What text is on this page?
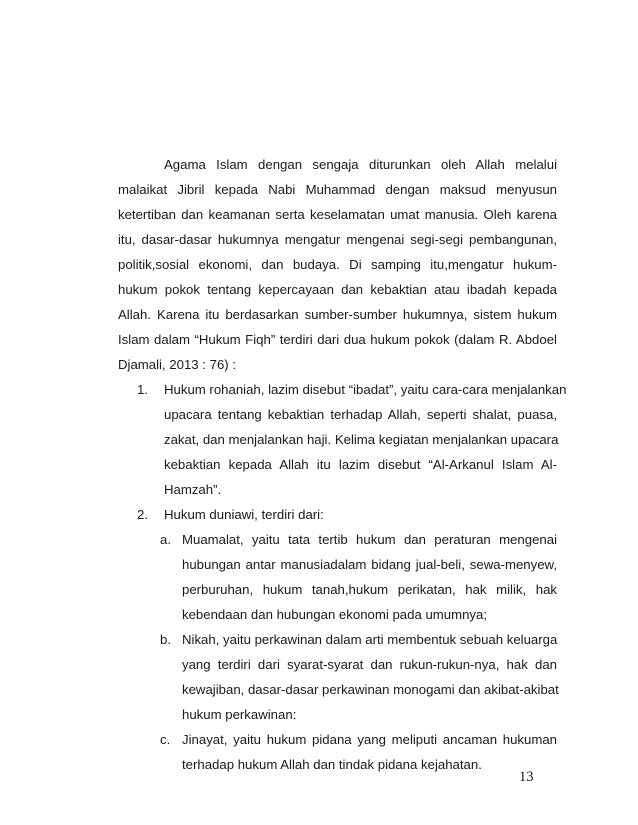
Agama Islam dengan sengaja diturunkan oleh Allah melalui
malaikat Jibril kepada Nabi Muhammad dengan maksud menyusun
ketertiban dan keamanan serta keselamatan umat manusia. Oleh karena
itu, dasar-dasar hukumnya mengatur mengenai segi-segi pembangunan,
politik,sosial ekonomi, dan budaya. Di samping itu,mengatur hukum-
hukum pokok tentang kepercayaan dan kebaktian atau ibadah kepada
Allah. Karena itu berdasarkan sumber-sumber hukumnya, sistem hukum
Islam dalam “Hukum Fiqh” terdiri dari dua hukum pokok (dalam R. Abdoel
Djamali, 2013 : 76) :
1. Hukum rohaniah, lazim disebut “ibadat”, yaitu cara-cara menjalankan
upacara tentang kebaktian terhadap Allah, seperti shalat, puasa,
zakat, dan menjalankan haji. Kelima kegiatan menjalankan upacara
kebaktian kepada Allah itu lazim disebut “Al-Arkanul Islam Al-
Hamzah”.
2. Hukum duniawi, terdiri dari:
a. Muamalat, yaitu tata tertib hukum dan peraturan mengenai
hubungan antar manusiadalam bidang jual-beli, sewa-menyew,
perburuhan, hukum tanah,hukum perikatan, hak milik, hak
kebendaan dan hubungan ekonomi pada umumnya;
b. Nikah, yaitu perkawinan dalam arti membentuk sebuah keluarga
yang terdiri dari syarat-syarat dan rukun-rukun-nya, hak dan
kewajiban, dasar-dasar perkawinan monogami dan akibat-akibat
hukum perkawinan:
c. Jinayat, yaitu hukum pidana yang meliputi ancaman hukuman
terhadap hukum Allah dan tindak pidana kejahatan.
13
